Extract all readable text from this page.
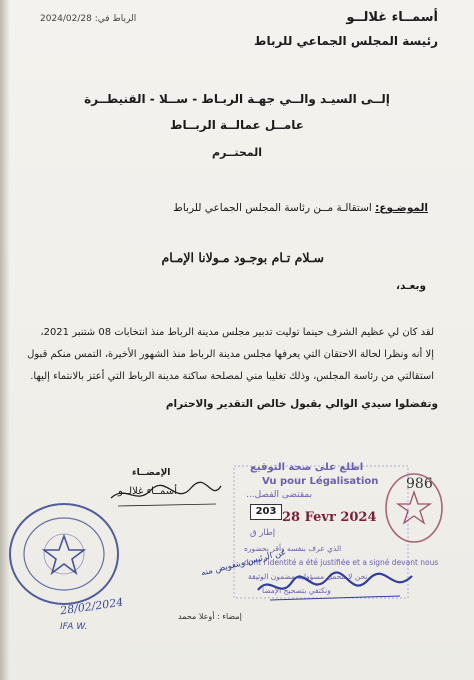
أسمــاء غلالــو
رئيسة المجلس الجماعي للرباط
الرباط في: 2024/02/28
إلــى السيـد والــي جهـة الربـاط - ســلا - القنيطــرة
عامــل عمالــة الربــاط
المحتــرم
الموضـوع: استقالـة مــن رئاسة المجلس الجماعي للرباط
سـلام تـام بوجـود مـولانا الإمـام
وبعـد،
لقد كان لي عظيم الشرف حينما توليت تدبير مجلس مدينة الرباط منذ انتخابات 08 شتنبر 2021،
إلا أنه ونظرا لحالة الاحتقان التي يعرفها مجلس مدينة الرباط منذ الشهور الأخيرة، التمس منكم قبول
استقالتي من رئاسة المجلس، وذلك تغليبا مني لمصلحة ساكنة مدينة الرباط التي أعتز بالانتماء إليها.
وتفضلوا سيدي الوالي بقبول خالص التقدير والاحترام
الإمضــاء
أسمــاء غلالــو
اطلع على صحة التوقيع
Vu pour Légalisation
بمقتضى الفصل...
203 28 Fevr 2024
إطار ق
الذي عرف بنفسه وأقر بحضوره
dont l'identité a été justifiée et a signé devant nous
نحن لا نتحمل مسؤولية مضمون الوثيقة
ونكتفي بتصحيح الإمضا
986
عن الرئيس وبتفويض منه
إمضاء : أوعلا محمد
28/02/2024
IFA W.
